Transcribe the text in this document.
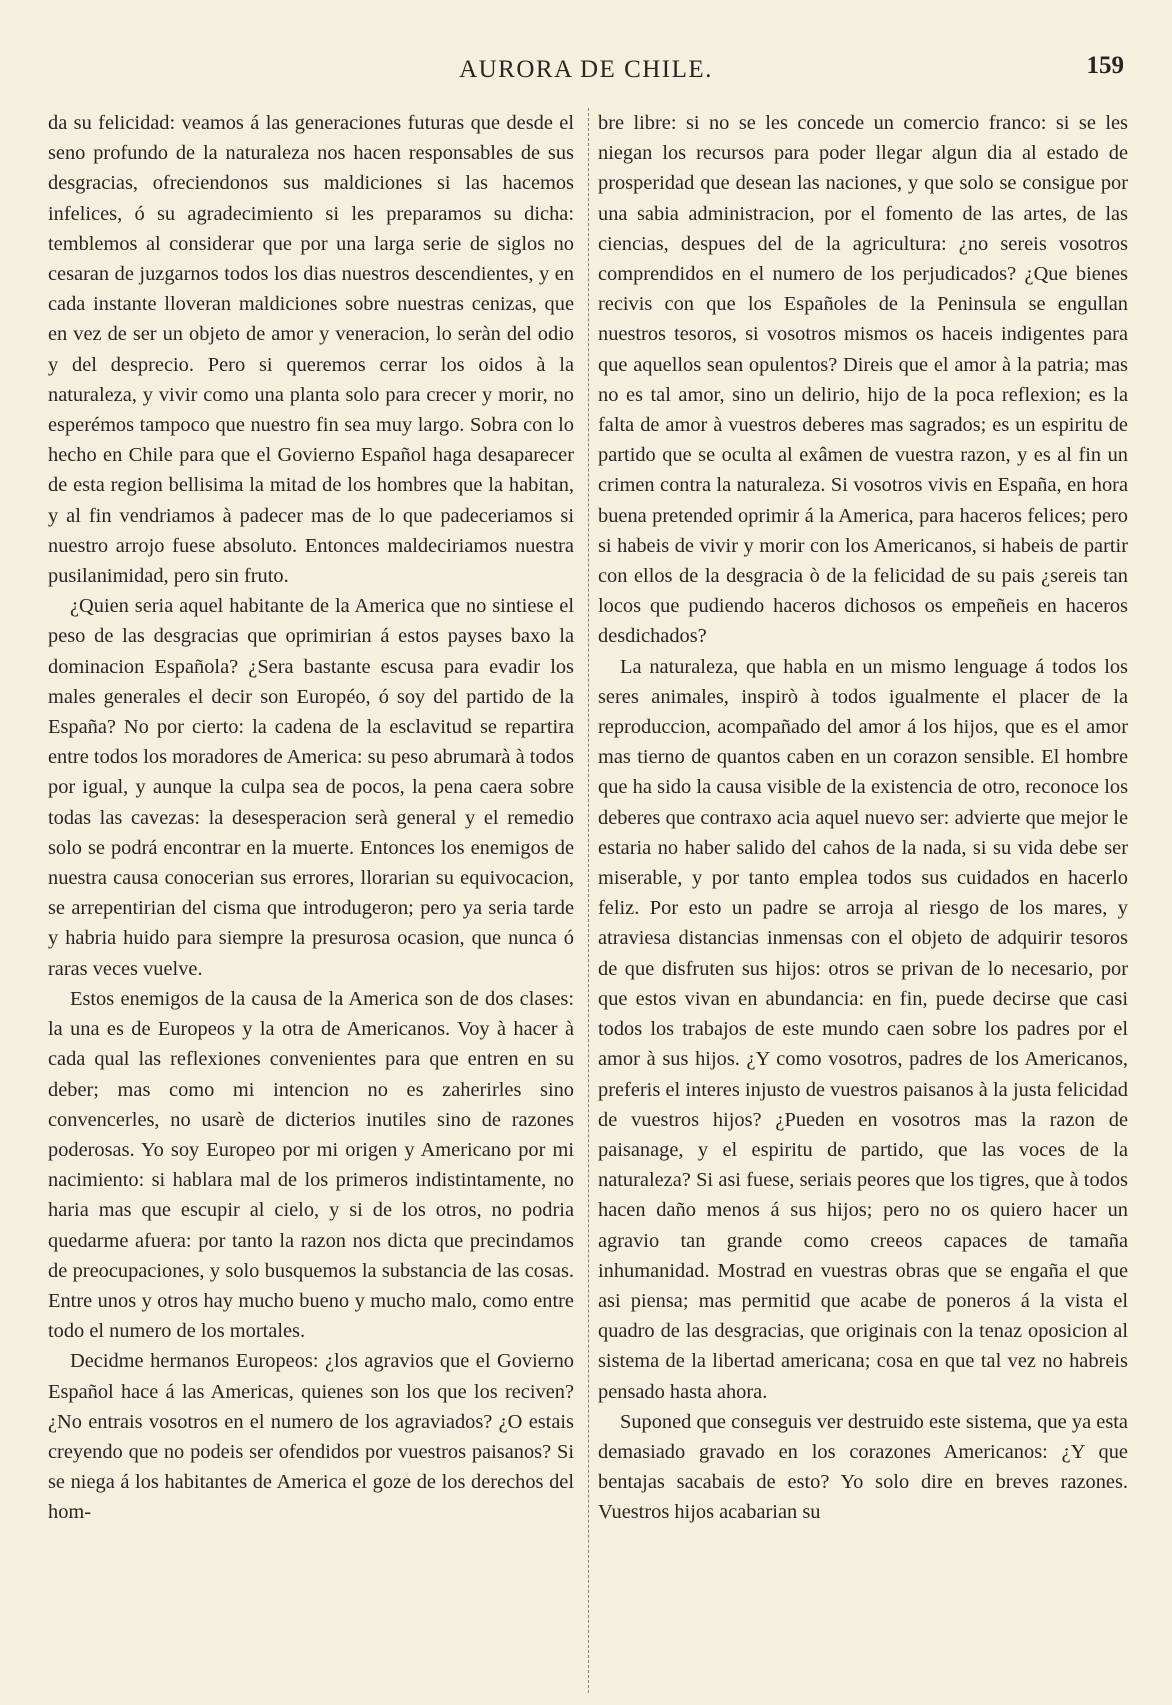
AURORA DE CHILE.	159

da su felicidad: veamos á las generaciones futuras que desde el seno profundo de la naturaleza nos hacen responsables de sus desgracias, ofreciendonos sus maldiciones si las hacemos infelices, ó su agradecimiento si les preparamos su dicha: temblemos al considerar que por una larga serie de siglos no cesaran de juzgarnos todos los dias nuestros descendientes, y en cada instante lloveran maldiciones sobre nuestras cenizas, que en vez de ser un objeto de amor y veneracion, lo seràn del odio y del desprecio. Pero si queremos cerrar los oidos à la naturaleza, y vivir como una planta solo para crecer y morir, no esperémos tampoco que nuestro fin sea muy largo. Sobra con lo hecho en Chile para que el Govierno Español haga desaparecer de esta region bellisima la mitad de los hombres que la habitan, y al fin vendriamos à padecer mas de lo que padeceriamos si nuestro arrojo fuese absoluto. Entonces maldeciriamos nuestra pusilanimidad, pero sin fruto.

¿Quien seria aquel habitante de la America que no sintiese el peso de las desgracias que oprimirian á estos payses baxo la dominacion Española? ¿Sera bastante escusa para evadir los males generales el decir son Européo, ó soy del partido de la España? No por cierto: la cadena de la esclavitud se repartira entre todos los moradores de America: su peso abrumarà à todos por igual, y aunque la culpa sea de pocos, la pena caera sobre todas las cavezas: la desesperacion serà general y el remedio solo se podrá encontrar en la muerte. Entonces los enemigos de nuestra causa conocerian sus errores, llorarian su equivocacion, se arrepentirian del cisma que introdugeron; pero ya seria tarde y habria huido para siempre la presurosa ocasion, que nunca ó raras veces vuelve.

Estos enemigos de la causa de la America son de dos clases: la una es de Europeos y la otra de Americanos. Voy à hacer à cada qual las reflexiones convenientes para que entren en su deber; mas como mi intencion no es zaherirles sino convencerles, no usarè de dicterios inutiles sino de razones poderosas. Yo soy Europeo por mi origen y Americano por mi nacimiento: si hablara mal de los primeros indistintamente, no haria mas que escupir al cielo, y si de los otros, no podria quedarme afuera: por tanto la razon nos dicta que precindamos de preocupaciones, y solo busquemos la substancia de las cosas. Entre unos y otros hay mucho bueno y mucho malo, como entre todo el numero de los mortales.

Decidme hermanos Europeos: ¿los agravios que el Govierno Español hace á las Americas, quienes son los que los reciven? ¿No entrais vosotros en el numero de los agraviados? ¿O estais creyendo que no podeis ser ofendidos por vuestros paisanos? Si se niega á los habitantes de America el goze de los derechos del hom-

bre libre: si no se les concede un comercio franco: si se les niegan los recursos para poder llegar algun dia al estado de prosperidad que desean las naciones, y que solo se consigue por una sabia administracion, por el fomento de las artes, de las ciencias, despues del de la agricultura: ¿no sereis vosotros comprendidos en el numero de los perjudicados? ¿Que bienes recivis con que los Españoles de la Peninsula se engullan nuestros tesoros, si vosotros mismos os haceis indigentes para que aquellos sean opulentos? Direis que el amor à la patria; mas no es tal amor, sino un delirio, hijo de la poca reflexion; es la falta de amor à vuestros deberes mas sagrados; es un espiritu de partido que se oculta al exâmen de vuestra razon, y es al fin un crimen contra la naturaleza. Si vosotros vivis en España, en hora buena pretended oprimir á la America, para haceros felices; pero si habeis de vivir y morir con los Americanos, si habeis de partir con ellos de la desgracia ò de la felicidad de su pais ¿sereis tan locos que pudiendo haceros dichosos os empeñeis en haceros desdichados?

La naturaleza, que habla en un mismo lenguage á todos los seres animales, inspirò à todos igualmente el placer de la reproduccion, acompañado del amor á los hijos, que es el amor mas tierno de quantos caben en un corazon sensible. El hombre que ha sido la causa visible de la existencia de otro, reconoce los deberes que contraxo acia aquel nuevo ser: advierte que mejor le estaria no haber salido del cahos de la nada, si su vida debe ser miserable, y por tanto emplea todos sus cuidados en hacerlo feliz. Por esto un padre se arroja al riesgo de los mares, y atraviesa distancias inmensas con el objeto de adquirir tesoros de que disfruten sus hijos: otros se privan de lo necesario, por que estos vivan en abundancia: en fin, puede decirse que casi todos los trabajos de este mundo caen sobre los padres por el amor à sus hijos. ¿Y como vosotros, padres de los Americanos, preferis el interes injusto de vuestros paisanos à la justa felicidad de vuestros hijos? ¿Pueden en vosotros mas la razon de paisanage, y el espiritu de partido, que las voces de la naturaleza? Si asi fuese, seriais peores que los tigres, que à todos hacen daño menos á sus hijos; pero no os quiero hacer un agravio tan grande como creeos capaces de tamaña inhumanidad. Mostrad en vuestras obras que se engaña el que asi piensa; mas permitid que acabe de poneros á la vista el quadro de las desgracias, que originais con la tenaz oposicion al sistema de la libertad americana; cosa en que tal vez no habreis pensado hasta ahora.

Suponed que conseguis ver destruido este sistema, que ya esta demasiado gravado en los corazones Americanos: ¿Y que bentajas sacabais de esto? Yo solo dire en breves razones. Vuestros hijos acabarian su
